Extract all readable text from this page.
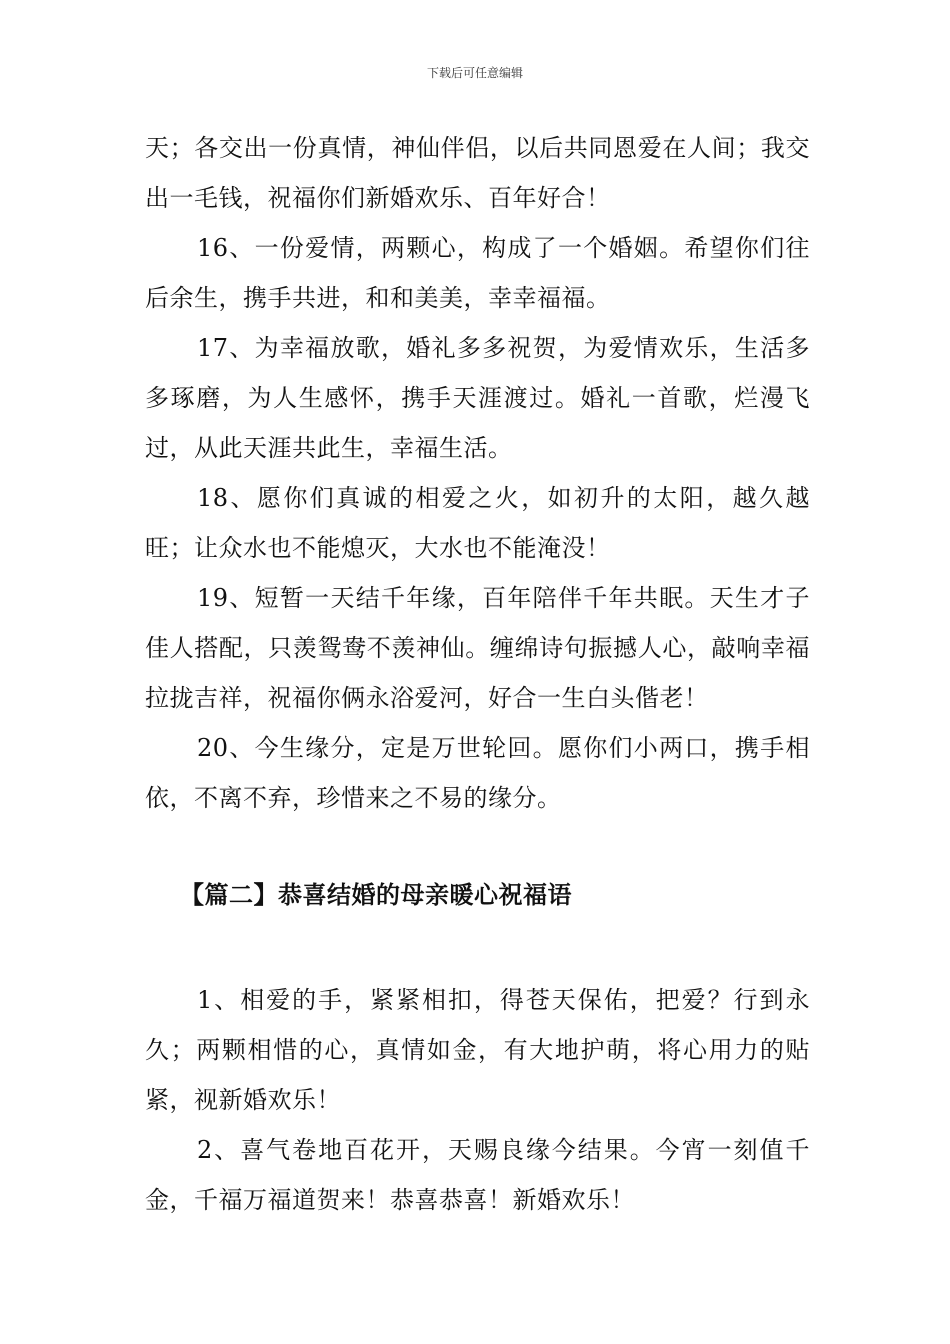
下载后可任意编辑

天；各交出一份真情，神仙伴侣，以后共同恩爱在人间；我交出一毛钱，祝福你们新婚欢乐、百年好合！

16、一份爱情，两颗心，构成了一个婚姻。希望你们往后余生，携手共进，和和美美，幸幸福福。

17、为幸福放歌，婚礼多多祝贺，为爱情欢乐，生活多多琢磨，为人生感怀，携手天涯渡过。婚礼一首歌，烂漫飞过，从此天涯共此生，幸福生活。

18、愿你们真诚的相爱之火，如初升的太阳，越久越旺；让众水也不能熄灭，大水也不能淹没！

19、短暂一天结千年缘，百年陪伴千年共眠。天生才子佳人搭配，只羡鸳鸯不羡神仙。缠绵诗句振撼人心，敲响幸福拉拢吉祥，祝福你俩永浴爱河，好合一生白头偕老！

20、今生缘分，定是万世轮回。愿你们小两口，携手相依，不离不弃，珍惜来之不易的缘分。

【篇二】恭喜结婚的母亲暖心祝福语

1、相爱的手，紧紧相扣，得苍天保佑，把爱？行到永久；两颗相惜的心，真情如金，有大地护萌，将心用力的贴紧，视新婚欢乐！

2、喜气卷地百花开，天赐良缘今结果。今宵一刻值千金，千福万福道贺来！恭喜恭喜！新婚欢乐！
